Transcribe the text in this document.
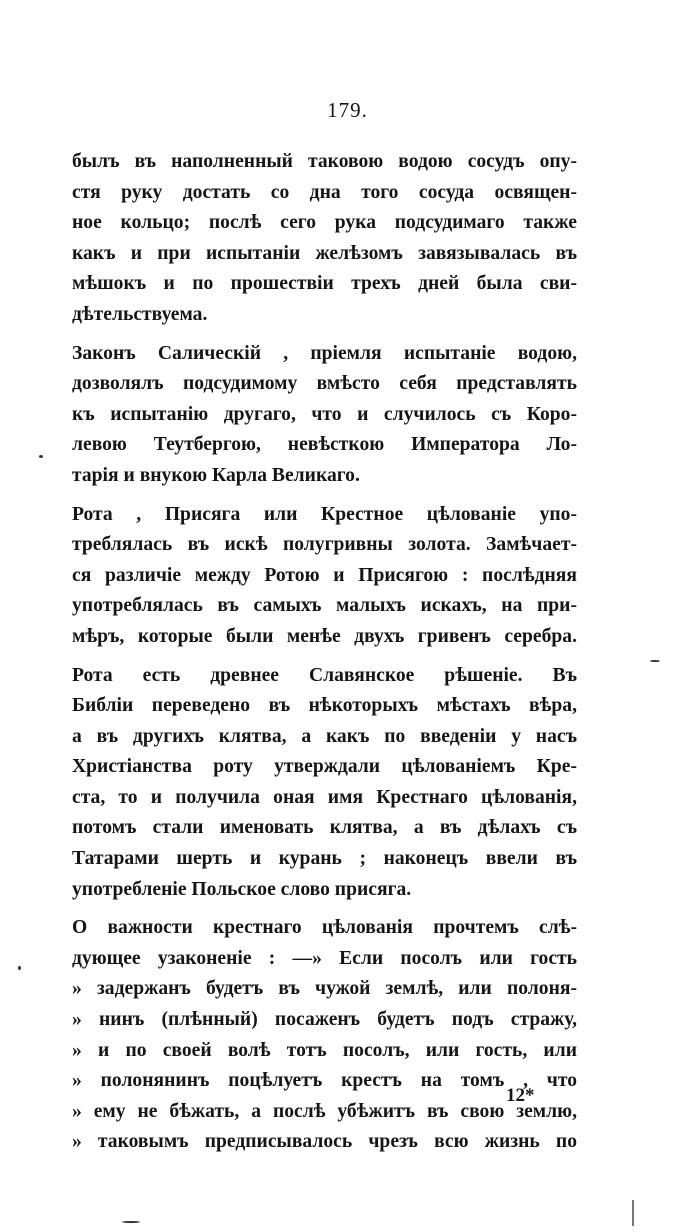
179.
былъ въ наполненный таковою водою сосудъ опу-
стя руку достать со дна того сосуда освящен-
ное кольцо; послѣ сего рука подсудимаго также
какъ и при испытаніи желѣзомъ завязывалась въ
мѣшокъ и по прошествіи трехъ дней была сви-
дѣтельствуема.
Законъ Салическій , пріемля испытаніе водою,
дозволялъ подсудимому вмѣсто себя представлять
къ испытанію другаго, что и случилось съ Коро-
левою Теутбергою, невѣсткою Императора Ло-
тарія и внукою Карла Великаго.
Рота , Присяга или Крестное цѣлованіе упо-
треблялась въ искѣ полугривны золота. Замѣчает-
ся различіе между Ротою и Присягою : послѣдняя
употреблялась въ самыхъ малыхъ искахъ, на при-
мѣръ, которые были менѣе двухъ гривенъ серебра.
Рота есть древнее Славянское рѣшеніе. Въ
Библіи переведено въ нѣкоторыхъ мѣстахъ вѣра,
а въ другихъ клятва, а какъ по введеніи у насъ
Христіанства роту утверждали цѣлованіемъ Кре-
ста, то и получила оная имя Крестнаго цѣлованія,
потомъ стали именовать клятва, а въ дѣлахъ съ
Татарами шерть и курань ; наконецъ ввели въ
употребленіе Польское слово присяга.
О важности крестнаго цѣлованія прочтемъ слѣ-
дующее узаконеніе : —» Если посолъ или гость
» задержанъ будетъ въ чужой землѣ, или полоня-
» нинъ (плѣнный) посаженъ будетъ подъ стражу,
» и по своей волѣ тотъ посолъ, или гость, или
» полонянинъ поцѣлуетъ крестъ на томъ , что
» ему не бѣжать, а послѣ убѣжитъ въ свою землю,
» таковымъ предписывалось чрезъ всю жизнь по
12*
